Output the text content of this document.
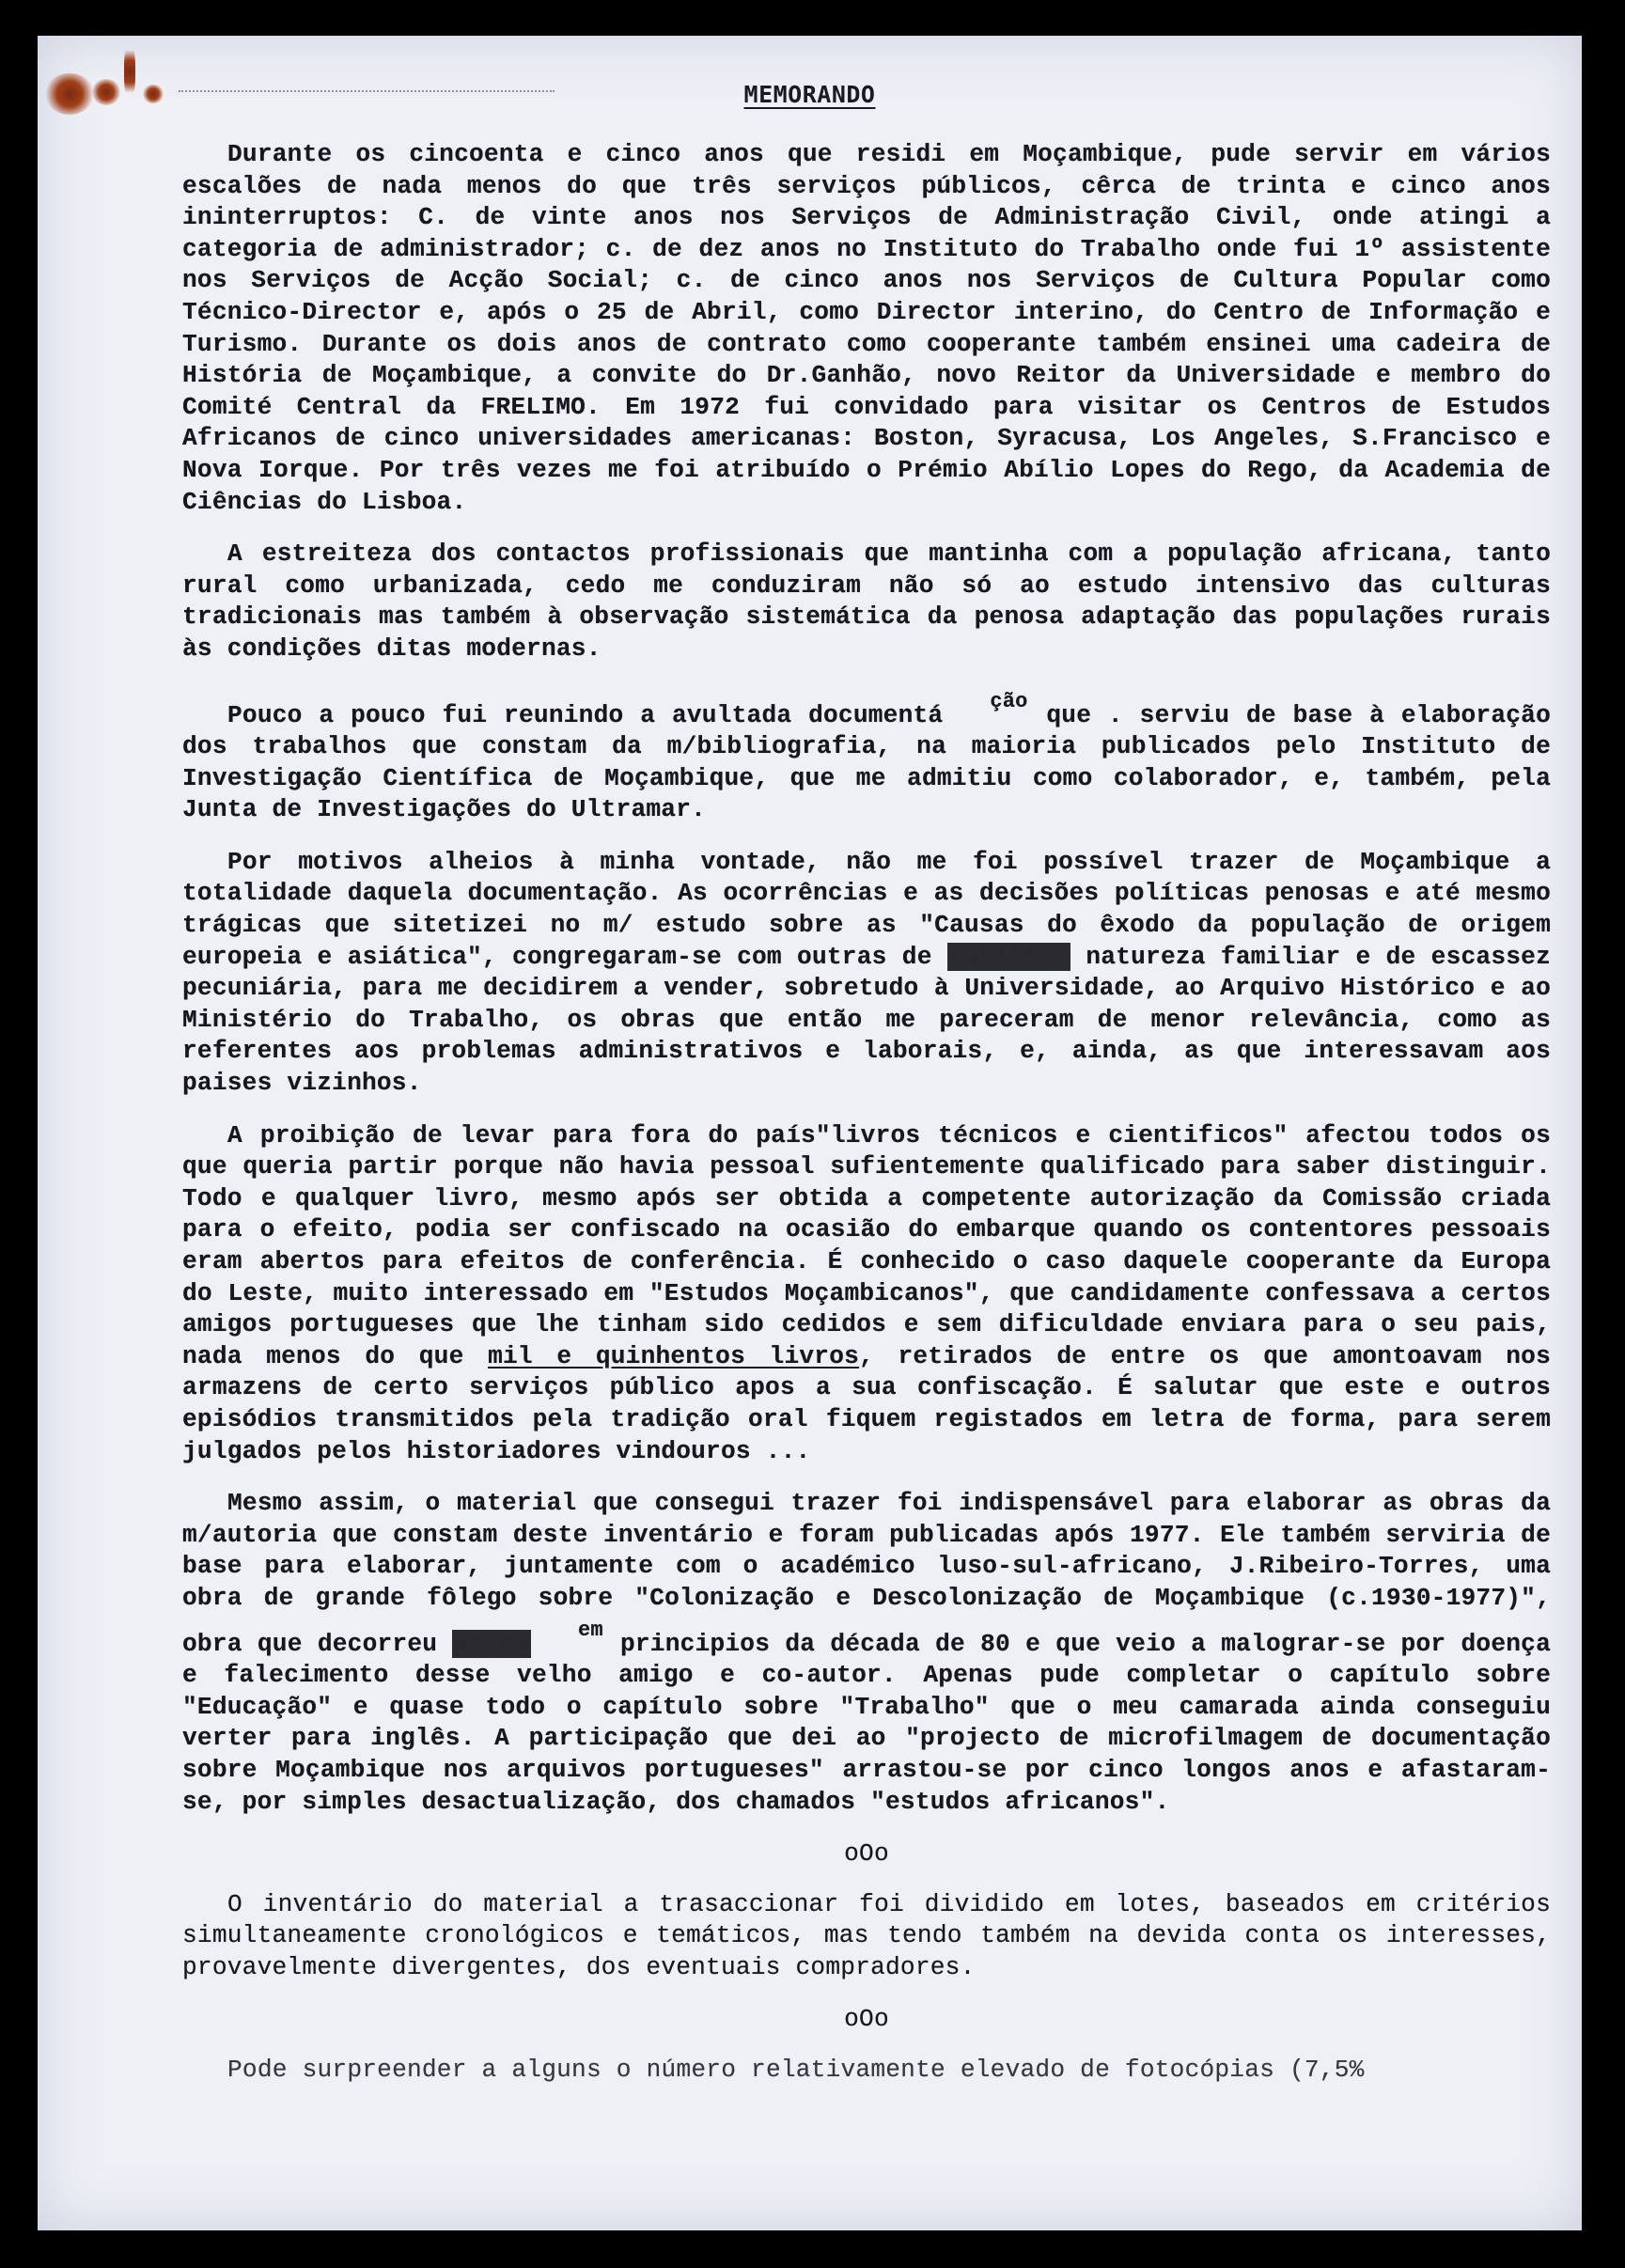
MEMORANDO

Durante os cincoenta e cinco anos que residi em Moçambique, pude servir em vários escalões de nada menos do que três serviços públicos, cêrca de trinta e cinco anos ininterruptos: C. de vinte anos nos Serviços de Administração Civil, onde atingi a categoria de administrador; c. de dez anos no Instituto do Trabalho onde fui 1º assistente nos Serviços de Acção Social; c. de cinco anos nos Serviços de Cultura Popular como Técnico-Director e, após o 25 de Abril, como Director interino, do Centro de Informação e Turismo. Durante os dois anos de contrato como cooperante também ensinei uma cadeira de História de Moçambique, a convite do Dr.Ganhão, novo Reitor da Universidade e membro do Comité Central da FRELIMO. Em 1972 fui convidado para visitar os Centros de Estudos Africanos de cinco universidades americanas: Boston, Syracusa, Los Angeles, S.Francisco e Nova Iorque. Por três vezes me foi atribuído o Prémio Abílio Lopes do Rego, da Academia de Ciências do Lisboa.

A estreiteza dos contactos profissionais que mantinha com a população africana, tanto rural como urbanizada, cedo me conduziram não só ao estudo intensivo das culturas tradicionais mas também à observação sistemática da penosa adaptação das populações rurais às condições ditas modernas.

Pouco a pouco fui reunindo a avultada documentá ção que . serviu de base à elaboração dos trabalhos que constam da m/bibliografia, na maioria publicados pelo Instituto de Investigação Científica de Moçambique, que me admitiu como colaborador, e, também, pela Junta de Investigações do Ultramar.

Por motivos alheios à minha vontade, não me foi possível trazer de Moçambique a totalidade daquela documentação. As ocorrências e as decisões políticas penosas e até mesmo trágicas que sitetizei no m/ estudo sobre as "Causas do êxodo da população de origem europeia e asiática", congregaram-se com outras de familiar natureza familiar e de escassez pecuniária, para me decidirem a vender, sobretudo à Universidade, ao Arquivo Histórico e ao Ministério do Trabalho, os obras que então me pareceram de menor relevância, como as referentes aos problemas administrativos e laborais, e, ainda, as que interessavam aos paises vizinhos.

A proibição de levar para fora do país"livros técnicos e cientificos" afectou todos os que queria partir porque não havia pessoal sufientemente qualificado para saber distinguir. Todo e qualquer livro, mesmo após ser obtida a competente autorização da Comissão criada para o efeito, podia ser confiscado na ocasião do embarque quando os contentores pessoais eram abertos para efeitos de conferência. É conhecido o caso daquele cooperante da Europa do Leste, muito interessado em "Estudos Moçambicanos", que candidamente confessava a certos amigos portugueses que lhe tinham sido cedidos e sem dificuldade enviara para o seu pais, nada menos do que mil e quinhentos livros, retirados de entre os que amontoavam nos armazens de certo serviços público apos a sua confiscação. É salutar que este e outros episódios transmitidos pela tradição oral fiquem registados em letra de forma, para serem julgados pelos historiadores vindouros ...

Mesmo assim, o material que consegui trazer foi indispensável para elaborar as obras da m/autoria que constam deste inventário e foram publicadas após 1977. Ele também serviria de base para elaborar, juntamente com o académico luso-sul-africano, J.Ribeiro-Torres, uma obra de grande fôlego sobre "Colonização e Descolonização de Moçambique (c.1930-1977)", obra que decorreu entre em principios da década de 80 e que veio a malograr-se por doença e falecimento desse velho amigo e co-autor. Apenas pude completar o capítulo sobre "Educação" e quase todo o capítulo sobre "Trabalho" que o meu camarada ainda conseguiu verter para inglês. A participação que dei ao "projecto de microfilmagem de documentação sobre Moçambique nos arquivos portugueses" arrastou-se por cinco longos anos e afastaram-se, por simples desactualização, dos chamados "estudos africanos".

oOo

O inventário do material a trasaccionar foi dividido em lotes, baseados em critérios simultaneamente cronológicos e temáticos, mas tendo também na devida conta os interesses, provavelmente divergentes, dos eventuais compradores.

oOo

Pode surpreender a alguns o número relativamente elevado de fotocópias (7,5%
